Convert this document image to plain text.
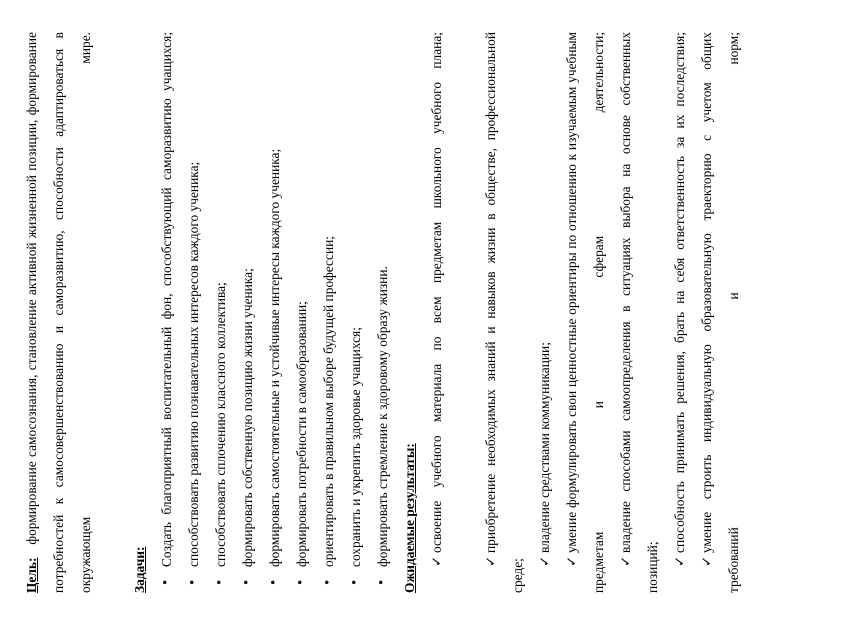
Цель:   формирование самосознания, становление активной жизненной позиции, формирование потребностей к самосовершенствованию и саморазвитию, способности адаптироваться в окружающем мире.	Задачи:

• Создать благоприятный воспитательный фон, способствующий саморазвитию учащихся; • способствовать развитию познавательных интересов каждого ученика; • способствовать сплочению классного коллектива; • формировать собственную позицию жизни ученика; • формировать самостоятельные и устойчивые интересы каждого ученика; • формировать потребности в самообразовании; • ориентировать в правильном выборе будущей профессии; • сохранить и укрепить здоровье учащихся; • формировать стремление к здоровому образу жизни. Ожидаемые результаты: ✓освоение учебного материала по всем предметам школьного учебного плана;

✓приобретение необходимых знаний и навыков жизни в обществе, профессиональной среде; ✓владение средствами коммуникации;

✓умение формулировать свои ценностные ориентиры по отношению к изучаемым учебным предметам и сферам деятельности; ✓владение способами самоопределения в ситуациях выбора на основе собственных позиций; ✓способность принимать решения, брать на себя ответственность за их последствия;

✓умение строить индивидуальную образовательную траекторию с учетом общих требований и норм;
